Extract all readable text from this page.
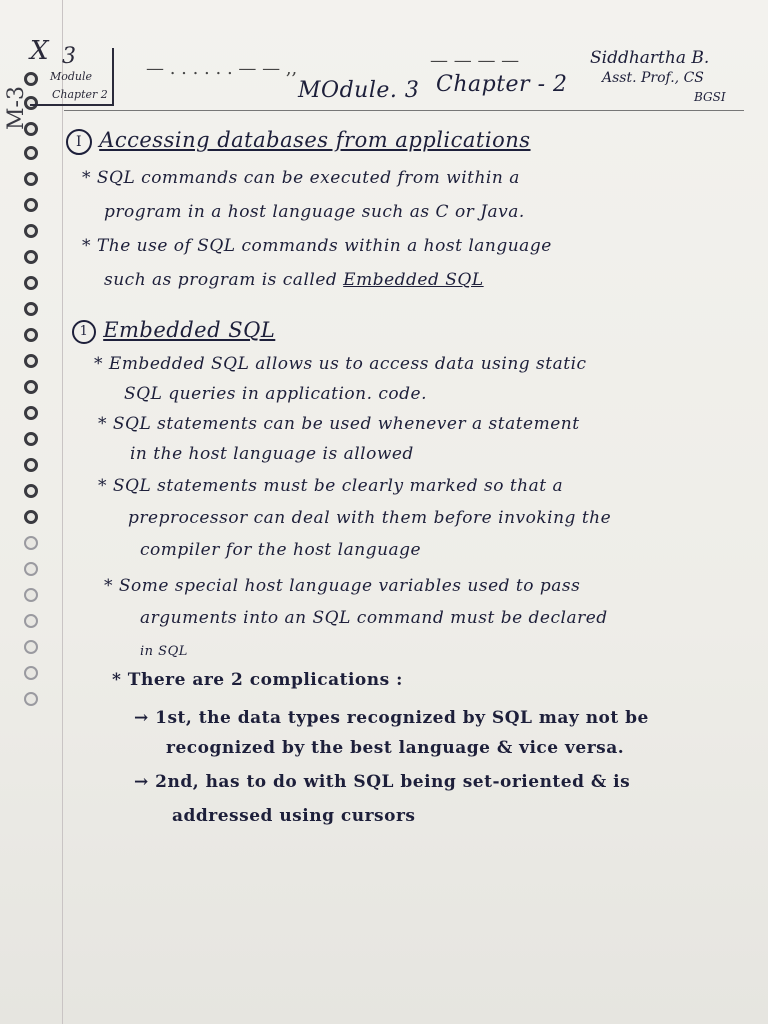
X 3
Module
Chapter 2
M-3
— . . . . . . — — ,,	— — — —
MOdule. 3 Chapter - 2
Siddhartha B.
Asst. Prof., CS
BGSI
I Accessing databases from applications
* SQL commands can be executed from within a
program in a host language such as C or Java.
* The use of SQL commands within a host language
such as program is called Embedded SQL
1 Embedded SQL
* Embedded SQL allows us to access data using static
SQL queries in application. code.
* SQL statements can be used whenever a statement
in the host language is allowed
* SQL statements must be clearly marked so that a
preprocessor can deal with them before invoking the
compiler for the host language
* Some special host language variables used to pass
arguments into an SQL command must be declared
in SQL
* There are 2 complications :
→ 1st, the data types recognized by SQL may not be
recognized by the best language & vice versa.
→ 2nd, has to do with SQL being set-oriented & is
addressed using cursors
